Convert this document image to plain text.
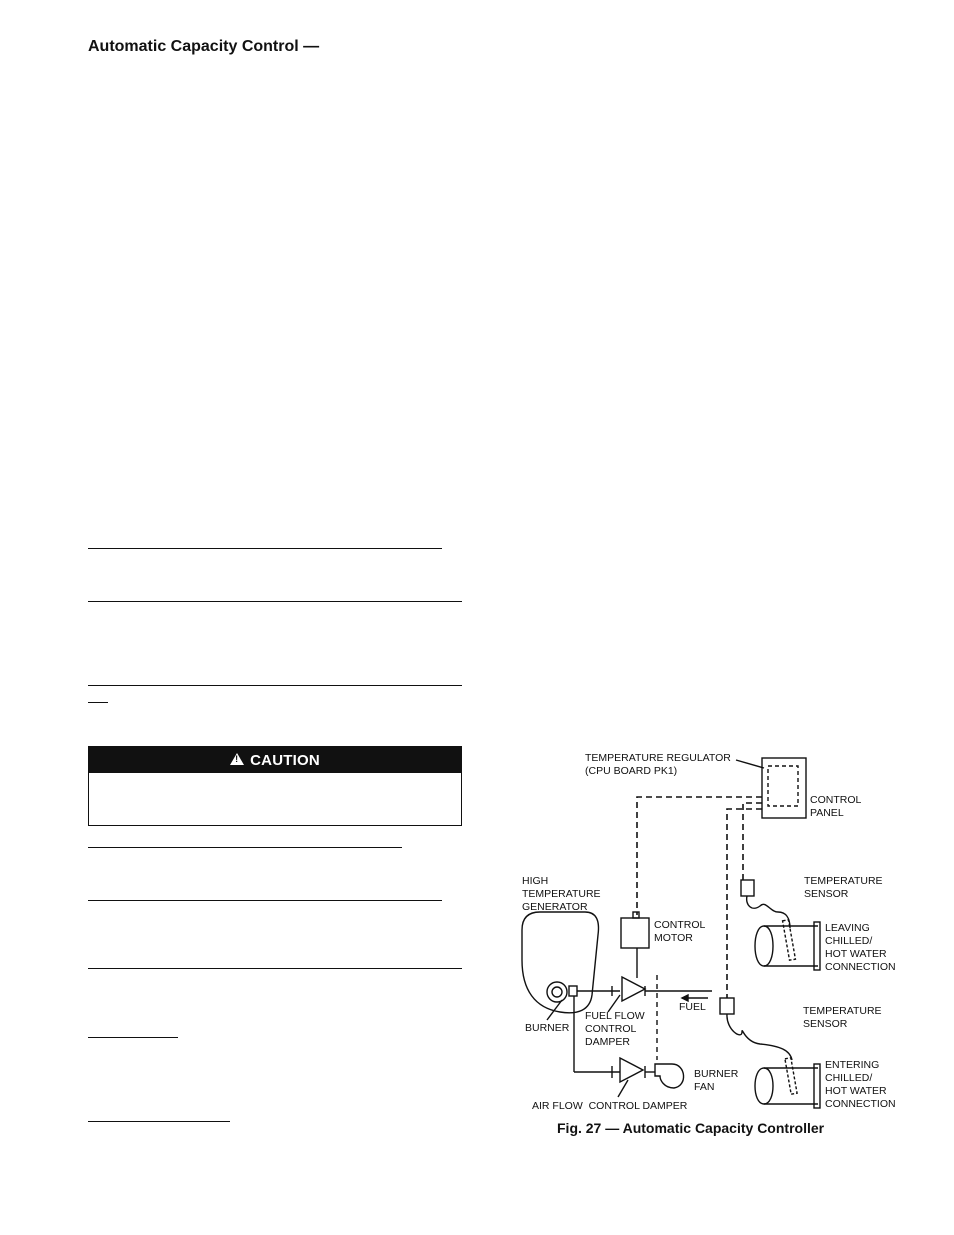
Automatic Capacity Control —
!
CAUTION	TEMPERATURE REGULATOR
(CPU BOARD PK1)
CONTROL
PANEL
TEMPERATURE
SENSOR
LEAVING
CHILLED/
HOT WATER
CONNECTION
HIGH
TEMPERATURE
GENERATOR
CONTROL
MOTOR
FUEL
BURNER
FUEL FLOW
CONTROL
DAMPER
TEMPERATURE
SENSOR
ENTERING
CHILLED/
HOT WATER
CONNECTION
BURNER
FAN
AIR FLOW  CONTROL DAMPER
Fig. 27 — Automatic Capacity Controller
